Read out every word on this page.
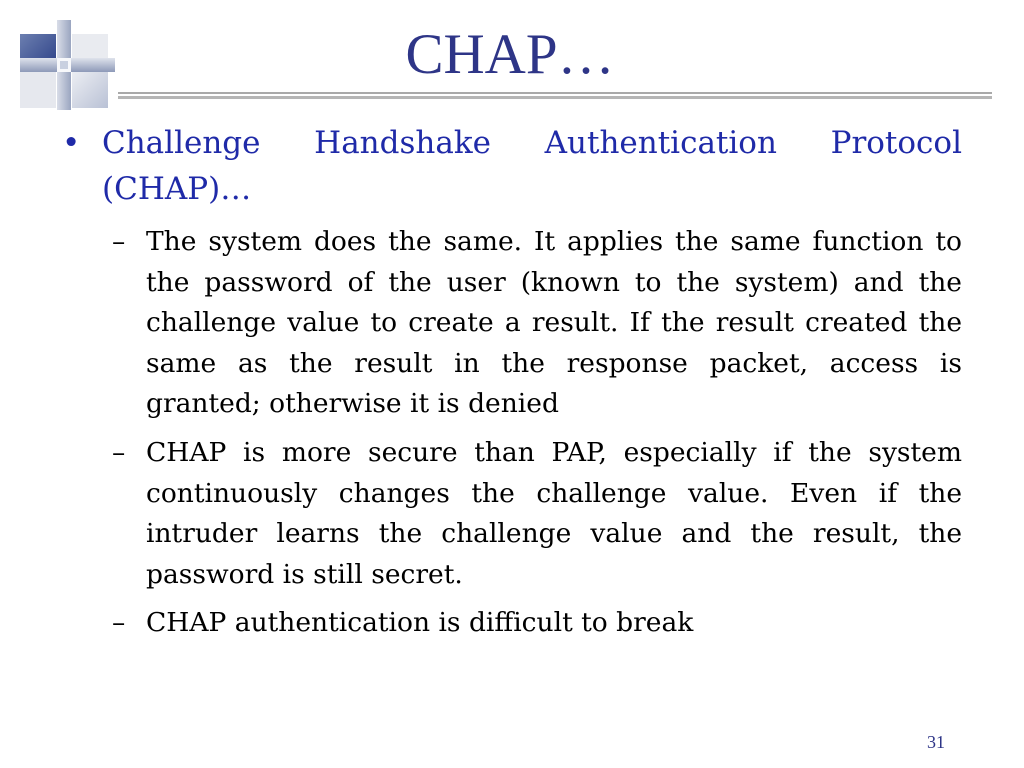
CHAP…
• Challenge Handshake Authentication Protocol (CHAP)…
– The system does the same. It applies the same function to the password of the user (known to the system) and the challenge value to create a result. If the result created the same as the result in the response packet, access is granted; otherwise it is denied
– CHAP is more secure than PAP, especially if the system continuously changes the challenge value. Even if the intruder learns the challenge value and the result, the password is still secret.
– CHAP authentication is difficult to break
31
